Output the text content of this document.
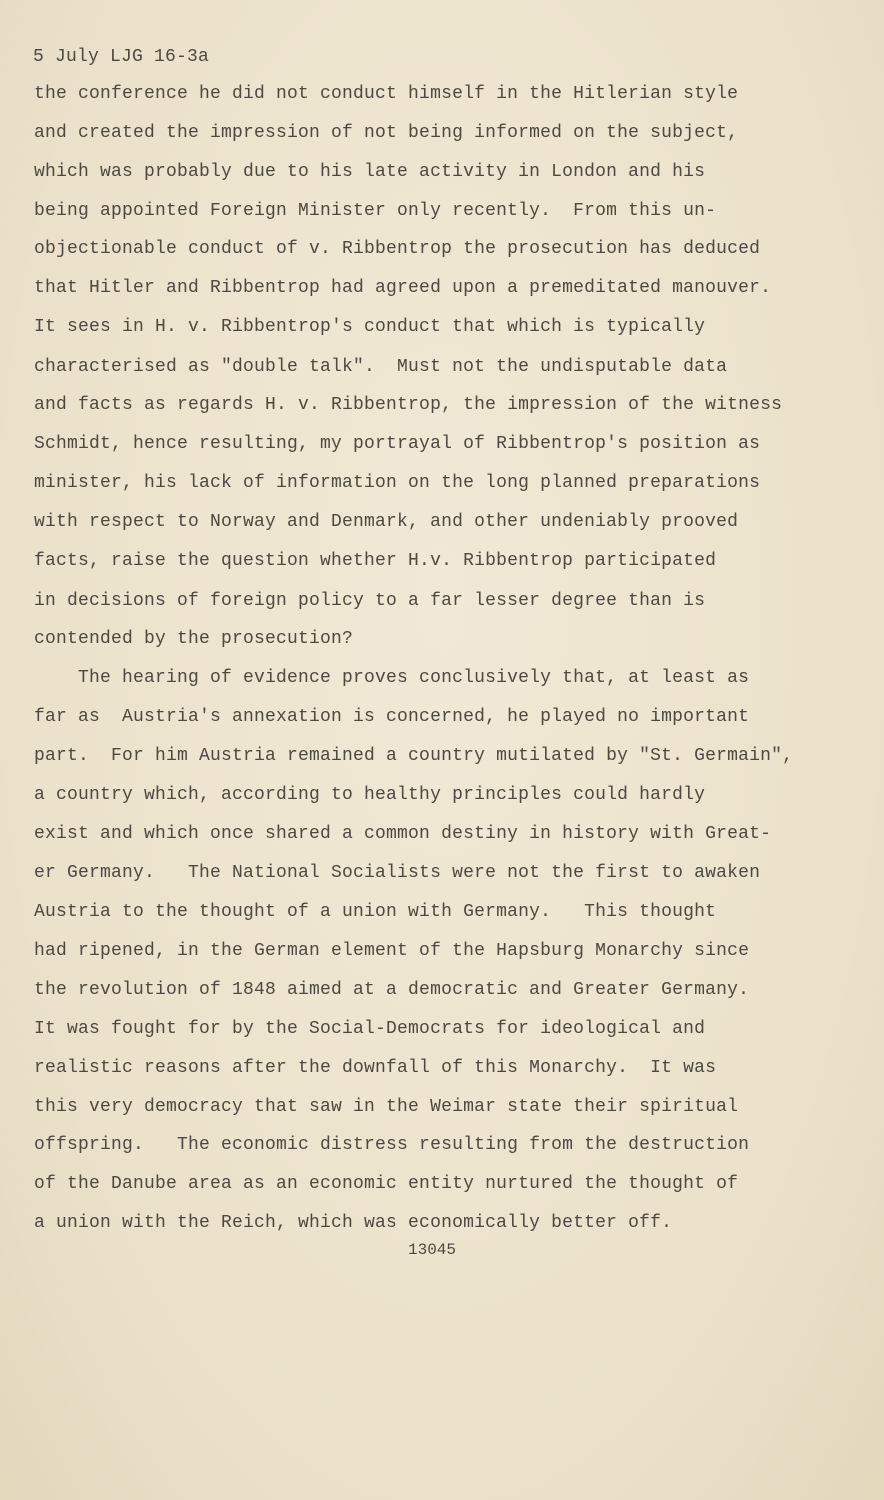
5 July LJG 16-3a
the conference he did not conduct himself in the Hitlerian style
and created the impression of not being informed on the subject,
which was probably due to his late activity in London and his
being appointed Foreign Minister only recently.  From this un-
objectionable conduct of v. Ribbentrop the prosecution has deduced
that Hitler and Ribbentrop had agreed upon a premeditated manouver.
It sees in H. v. Ribbentrop's conduct that which is typically
characterised as "double talk".  Must not the undisputable data
and facts as regards H. v. Ribbentrop, the impression of the witness
Schmidt, hence resulting, my portrayal of Ribbentrop's position as
minister, his lack of information on the long planned preparations
with respect to Norway and Denmark, and other undeniably prooved
facts, raise the question whether H.v. Ribbentrop participated
in decisions of foreign policy to a far lesser degree than is
contended by the prosecution?
The hearing of evidence proves conclusively that, at least as
far as  Austria's annexation is concerned, he played no important
part.  For him Austria remained a country mutilated by "St. Germain",
a country which, according to healthy principles could hardly
exist and which once shared a common destiny in history with Great-
er Germany.   The National Socialists were not the first to awaken
Austria to the thought of a union with Germany.   This thought
had ripened, in the German element of the Hapsburg Monarchy since
the revolution of 1848 aimed at a democratic and Greater Germany.
It was fought for by the Social-Democrats for ideological and
realistic reasons after the downfall of this Monarchy.  It was
this very democracy that saw in the Weimar state their spiritual
offspring.   The economic distress resulting from the destruction
of the Danube area as an economic entity nurtured the thought of
a union with the Reich, which was economically better off.
13045
